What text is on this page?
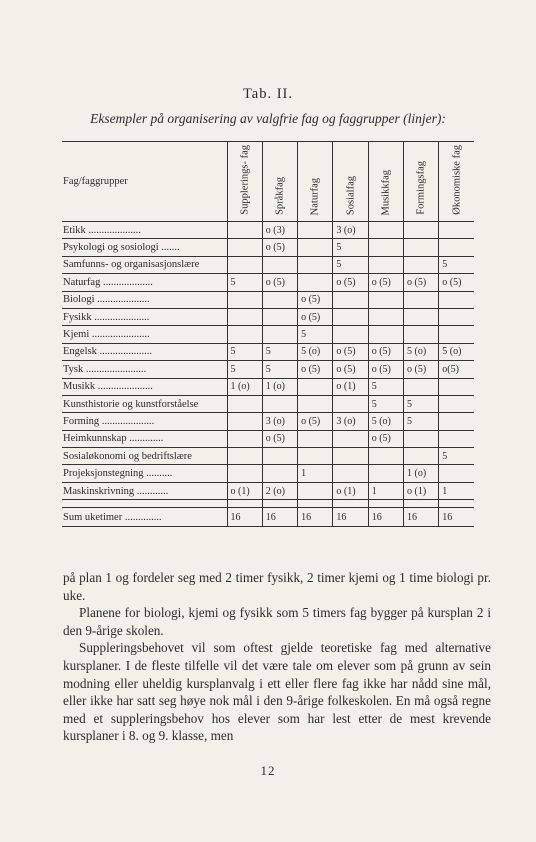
Tab. II.
Eksempler på organisering av valgfrie fag og faggrupper (linjer):
Fag/faggrupper	Supplerings- fag	Språkfag	Naturfag	Sosialfag	Musikkfag	Formingsfag	Økonomiske fag

Etikk ....................		o (3)		3 (o)			
Psykologi og sosiologi .......		o (5)		5			
Samfunns- og organisasjonslære				5			5
Naturfag ...................	5	o (5)		o (5)	o (5)	o (5)	o (5)
Biologi ....................			o (5)				
Fysikk .....................			o (5)				
Kjemi ......................			5				
Engelsk ....................	5	5	5 (o)	o (5)	o (5)	5 (o)	5 (o)
Tysk .......................	5	5	o (5)	o (5)	o (5)	o (5)	o(5)
Musikk .....................	1 (o)	1 (o)		o (1)	5		
Kunsthistorie og kunstforståelse					5	5	
Forming ....................		3 (o)	o (5)	3 (o)	5 (o)	5	
Heimkunnskap .............		o (5)			o (5)		
Sosialøkonomi og bedriftslære							5
Projeksjonstegning ..........			1			1 (o)	
Maskinskrivning ............	o (1)	2 (o)		o (1)	1	o (1)	1

Sum uketimer ..............	16	16	16	16	16	16	16

på plan 1 og fordeler seg med 2 timer fysikk, 2 timer kjemi og 1 time biologi pr. uke.

Planene for biologi, kjemi og fysikk som 5 timers fag bygger på kursplan 2 i den 9-årige skolen.

Suppleringsbehovet vil som oftest gjelde teoretiske fag med alternative kursplaner. I de fleste tilfelle vil det være tale om elever som på grunn av sein modning eller uheldig kursplanvalg i ett eller flere fag ikke har nådd sine mål, eller ikke har satt seg høye nok mål i den 9-årige folkeskolen. En må også regne med et suppleringsbehov hos elever som har lest etter de mest krevende kursplaner i 8. og 9. klasse, men

12
